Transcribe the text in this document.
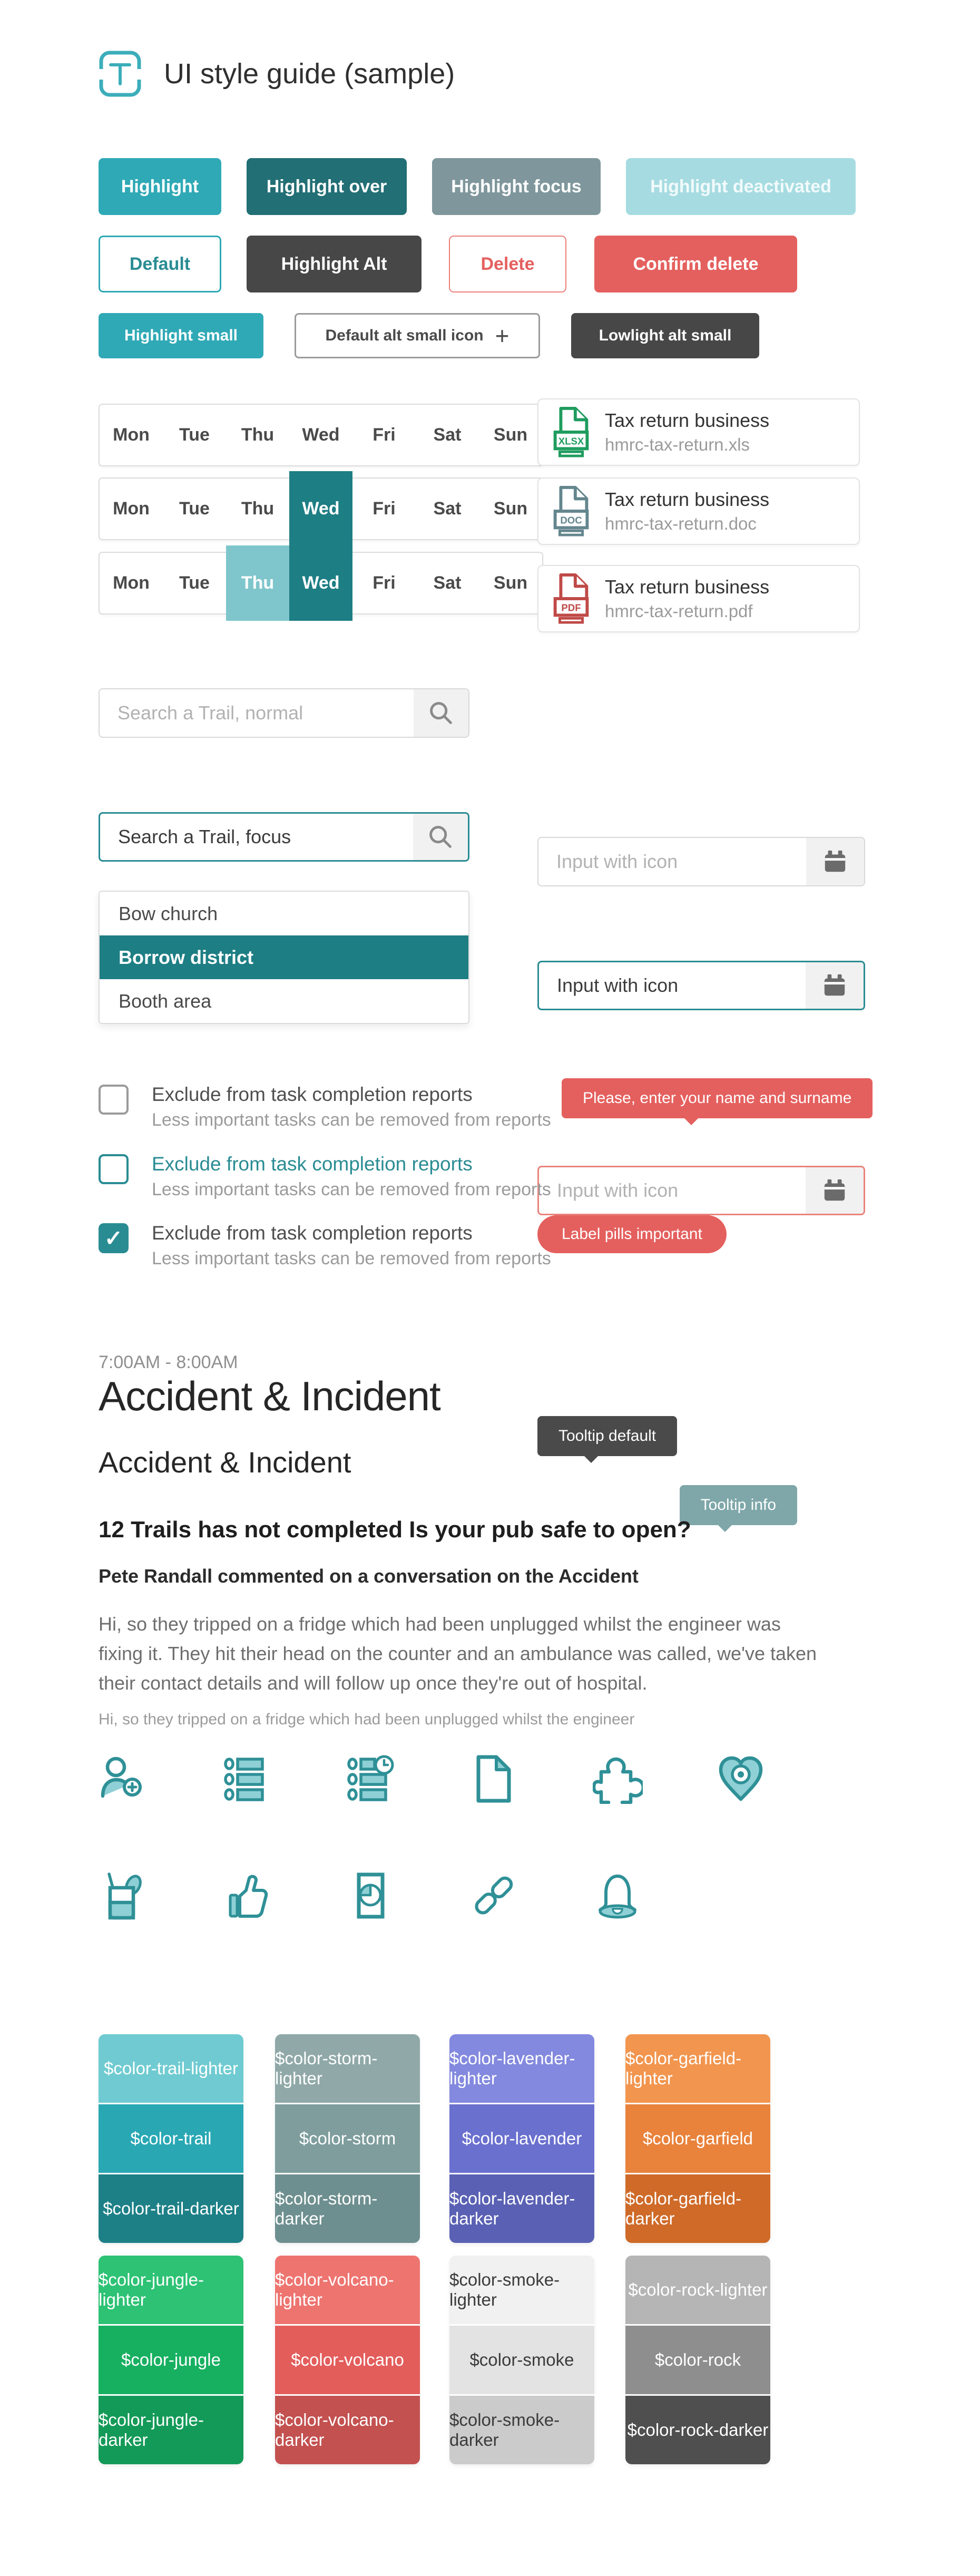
UI style guide (sample)
Highlight	Highlight over	Highlight focus	Highlight deactivated
Default	Highlight Alt	Delete	Confirm delete
Highlight small	Default alt small icon +	Lowlight alt small
Mon	Tue	Thu	Wed	Fri	Sat	Sun
Mon	Tue	Thu	Wed	Fri	Sat	Sun
Mon	Tue	Thu	Wed	Fri	Sat	Sun
XLSX
Tax return business
hmrc-tax-return.xls
DOC
Tax return business
hmrc-tax-return.doc
PDF
Tax return business
hmrc-tax-return.pdf
Search a Trail, normal
Search a Trail, focus
Bo
Bow church
Borrow district
Booth area
Input with icon
Input with icon
Please, enter your name and surname
Input with icon
Exclude from task completion reports
Less important tasks can be removed from reports
Exclude from task completion reports
Less important tasks can be removed from reports
✓ Exclude from task completion reports
Less important tasks can be removed from reports
Tooltip default

Tooltip info
Label pills important
7:00AM - 8:00AM
Accident & Incident
Accident & Incident
12 Trails has not completed Is your pub safe to open?
Pete Randall commented on a conversation on the Accident
Hi, so they tripped on a fridge which had been unplugged whilst the engineer was fixing it. They hit their head on the counter and an ambulance was called, we've taken their contact details and will follow up once they're out of hospital.
Hi, so they tripped on a fridge which had been unplugged whilst the engineer
$color-trail-lighter
$color-trail
$color-trail-darker
$color-storm-lighter
$color-storm
$color-storm-darker
$color-lavender-lighter
$color-lavender
$color-lavender-darker
$color-garfield-lighter
$color-garfield
$color-garfield-darker
$color-jungle-lighter
$color-jungle
$color-jungle-darker
$color-volcano-lighter
$color-volcano
$color-volcano-darker
$color-smoke-lighter
$color-smoke
$color-smoke-darker
$color-rock-lighter
$color-rock
$color-rock-darker
